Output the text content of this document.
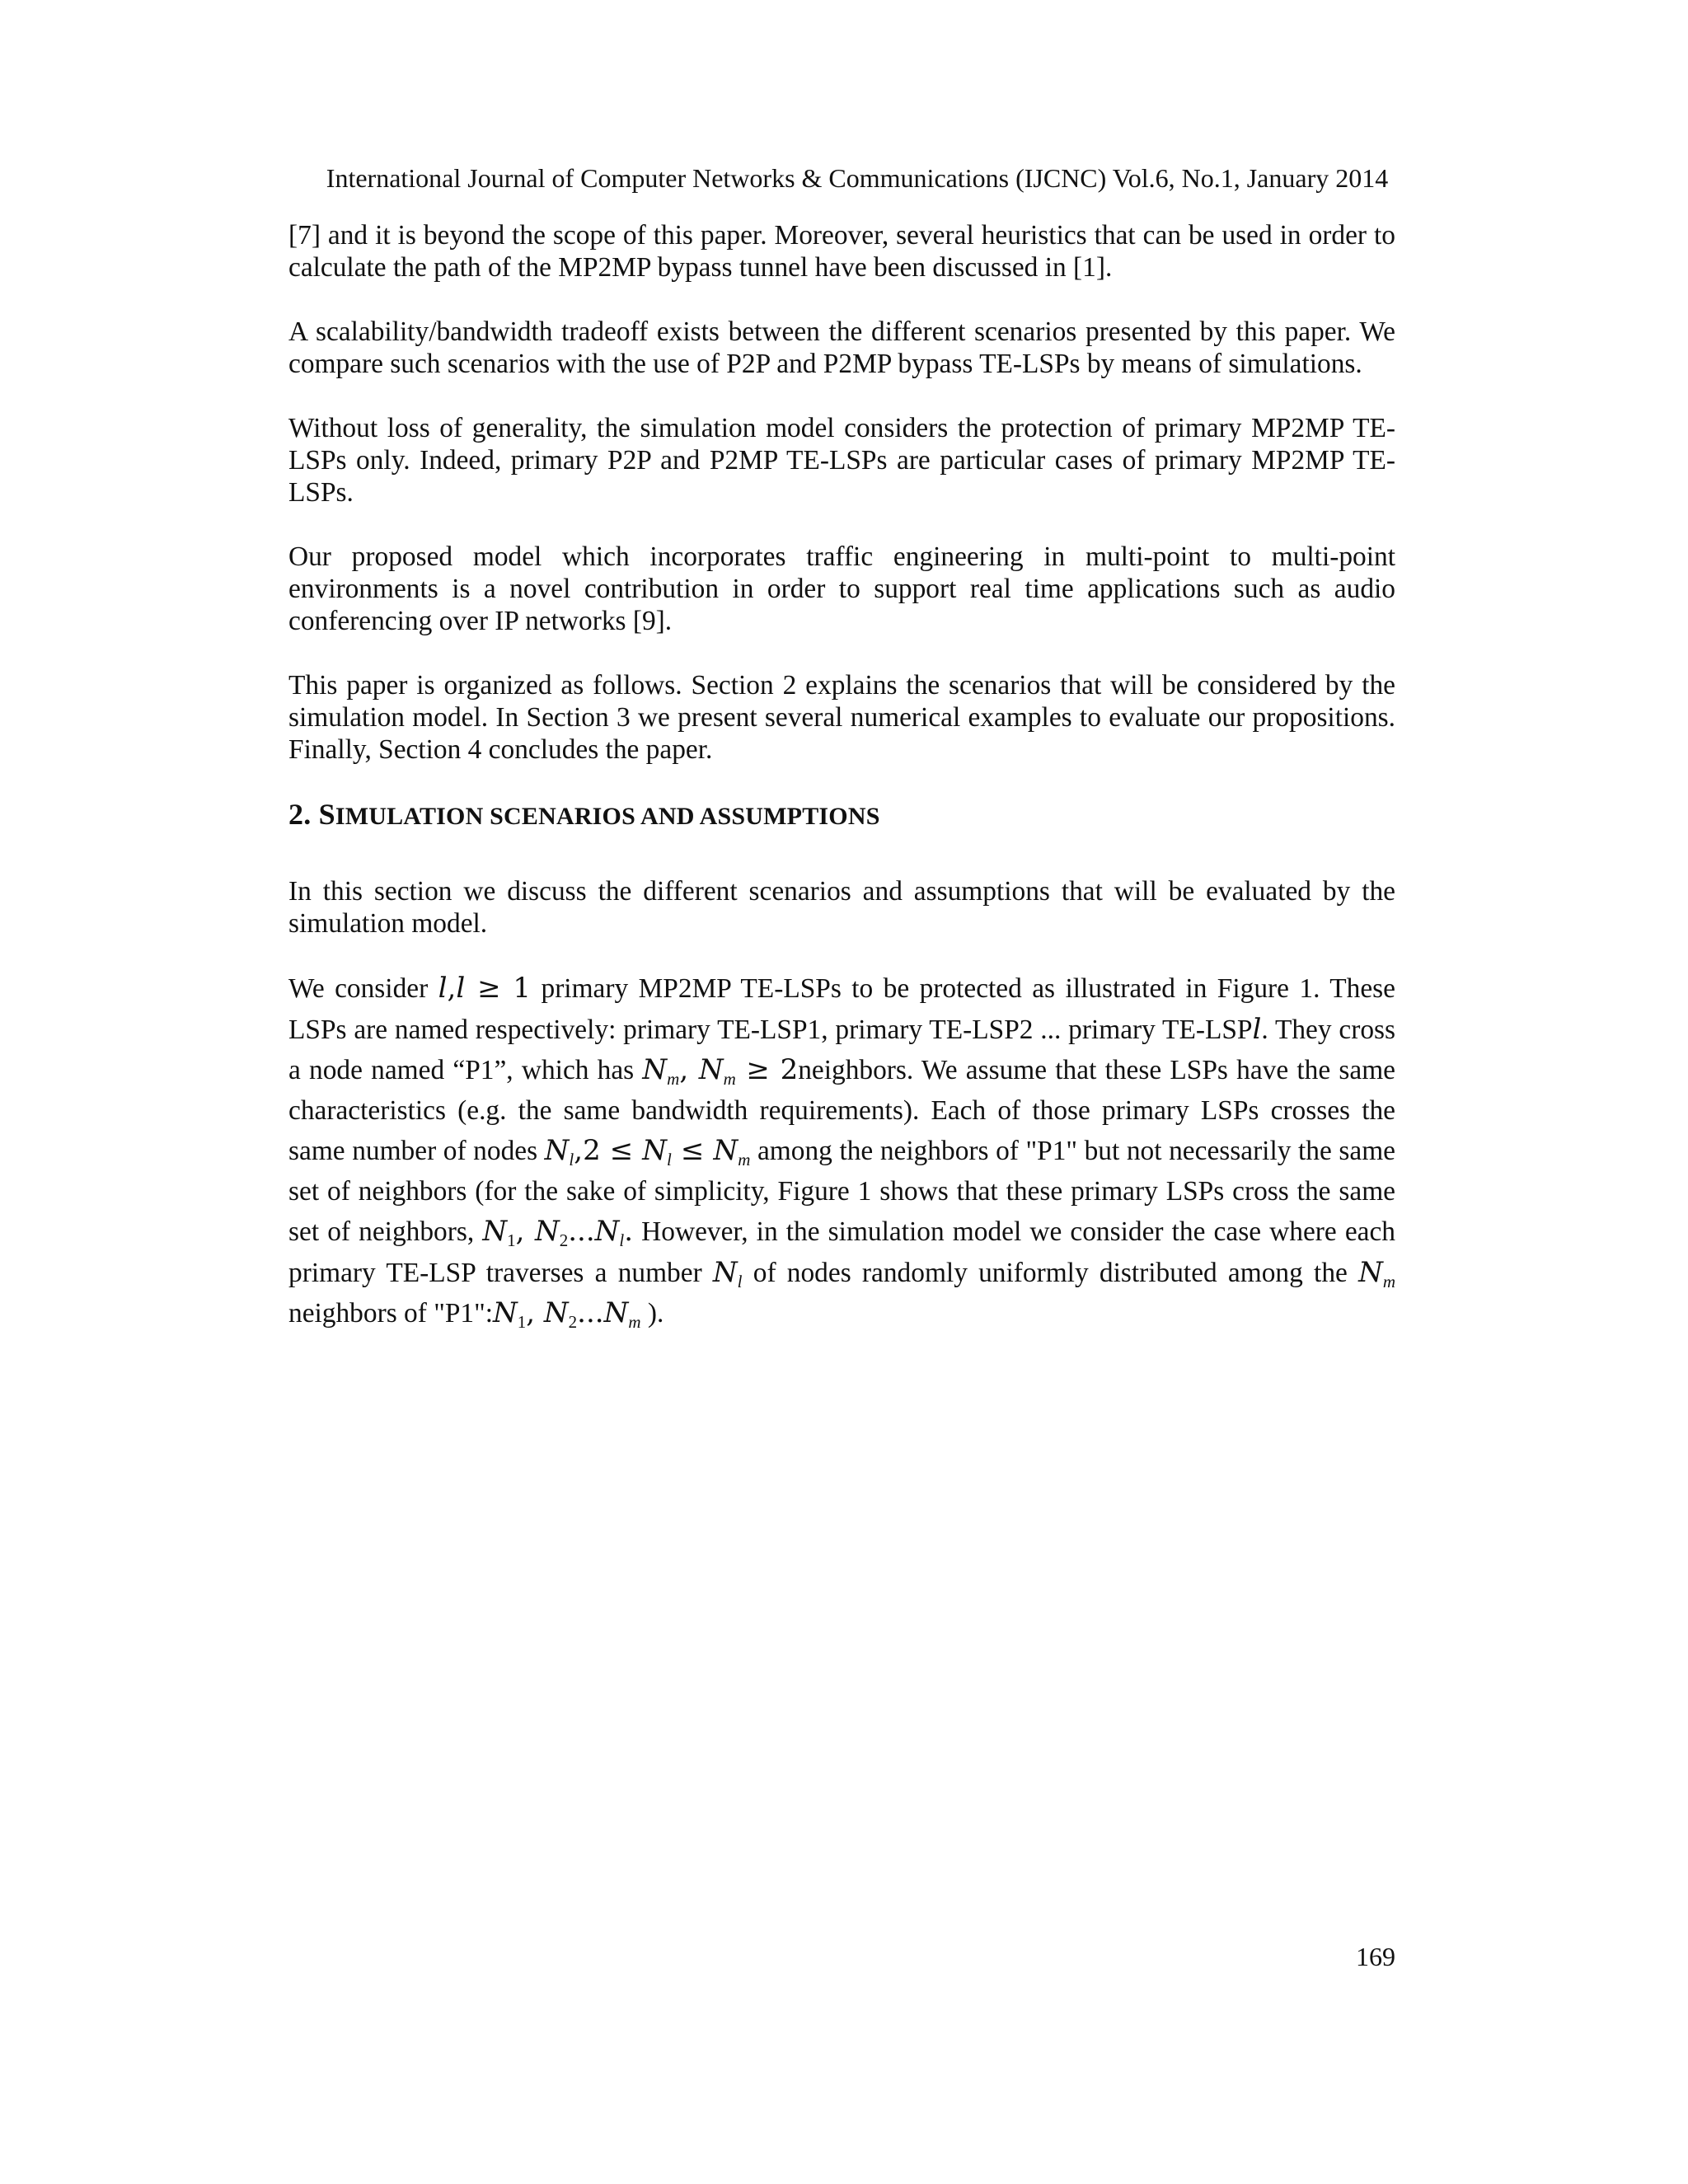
International Journal of Computer Networks & Communications (IJCNC) Vol.6, No.1, January 2014

[7] and it is beyond the scope of this paper. Moreover, several heuristics that can be used in order to calculate the path of the MP2MP bypass tunnel have been discussed in [1].

A scalability/bandwidth tradeoff exists between the different scenarios presented by this paper. We compare such scenarios with the use of P2P and P2MP bypass TE-LSPs by means of simulations.

Without loss of generality, the simulation model considers the protection of primary MP2MP TE-LSPs only. Indeed, primary P2P and P2MP TE-LSPs are particular cases of primary MP2MP TE-LSPs.

Our proposed model which incorporates traffic engineering in multi-point to multi-point environments is a novel contribution in order to support real time applications such as audio conferencing over IP networks [9].

This paper is organized as follows. Section 2 explains the scenarios that will be considered by the simulation model. In Section 3 we present several numerical examples to evaluate our propositions. Finally, Section 4 concludes the paper.

2. SIMULATION SCENARIOS AND ASSUMPTIONS

In this section we discuss the different scenarios and assumptions that will be evaluated by the simulation model.

We consider l,l ≥ 1 primary MP2MP TE-LSPs to be protected as illustrated in Figure 1. These LSPs are named respectively: primary TE-LSP1, primary TE-LSP2 ... primary TE-LSPl. They cross a node named “P1”, which has $N_m$, $N_m$ ≥ 2neighbors. We assume that these LSPs have the same characteristics (e.g. the same bandwidth requirements). Each of those primary LSPs crosses the same number of nodes $N_l,2 \le N_l \le N_m$ among the neighbors of "P1" but not necessarily the same set of neighbors (for the sake of simplicity, Figure 1 shows that these primary LSPs cross the same set of neighbors, $N_1$, $N_2...N_l$. However, in the simulation model we consider the case where each primary TE-LSP traverses a number $N_l$ of nodes randomly uniformly distributed among the $N_m$ neighbors of "$P1":N_1$, $N_2...N_m$ ).

169
